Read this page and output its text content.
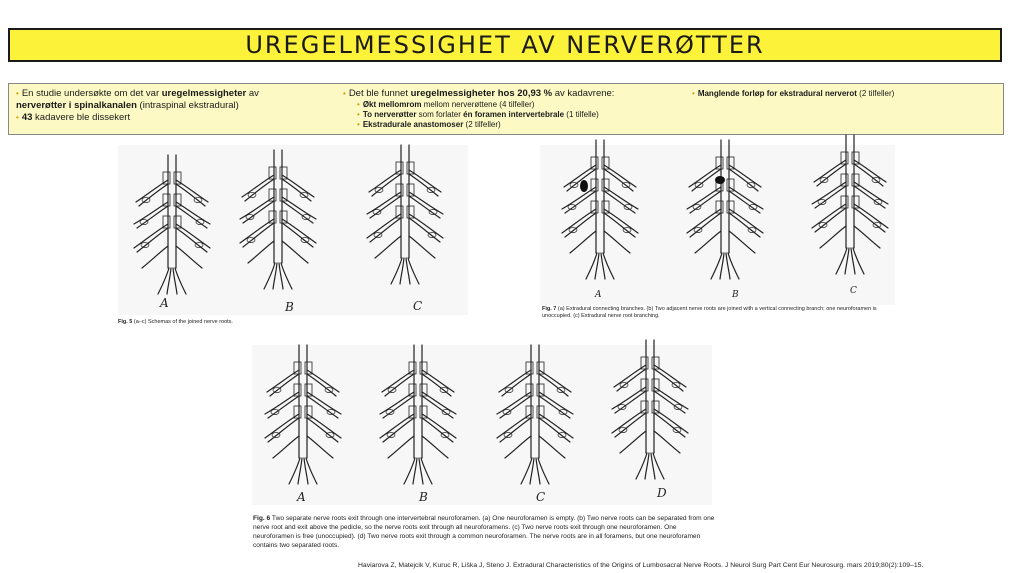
UREGELMESSIGHET AV NERVERØTTER
• En studie undersøkte om det var uregelmessigheter av
nerverøtter i spinalkanalen (intraspinal ekstradural)
• 43 kadavere ble dissekert
• Det ble funnet uregelmessigheter hos 20,93 % av kadavrene:
• Økt mellomrom mellom nerverøttene (4 tilfeller)
• To nerverøtter som forlater én foramen intervertebrale (1 tilfelle)
• Ekstradurale anastomoser (2 tilfeller)
• Manglende forløp for ekstradural nerverot (2 tilfeller)
A	B	C
A	B	C
A	B	C	D
Fig. 5 (a–c) Schemas of the joined nerve roots.
Fig. 7 (a) Extradural connecting branches. (b) Two adjacent nerve roots are joined with a vertical connecting branch; one neuroforamen is unoccupied. (c) Extradural nerve root branching.
Fig. 6 Two separate nerve roots exit through one intervertebral neuroforamen. (a) One neuroforamen is empty. (b) Two nerve roots can be separated from one nerve root and exit above the pedicle, so the nerve roots exit through all neuroforamens. (c) Two nerve roots exit through one neuroforamen. One neuroforamen is free (unoccupied). (d) Two nerve roots exit through a common neuroforamen. The nerve roots are in all foramens, but one neuroforamen contains two separated roots.
Haviarova Z, Matejcik V, Kuruc R, Liška J, Steno J. Extradural Characteristics of the Origins of Lumbosacral Nerve Roots. J Neurol Surg Part Cent Eur Neurosurg. mars 2019;80(2):109–15.
